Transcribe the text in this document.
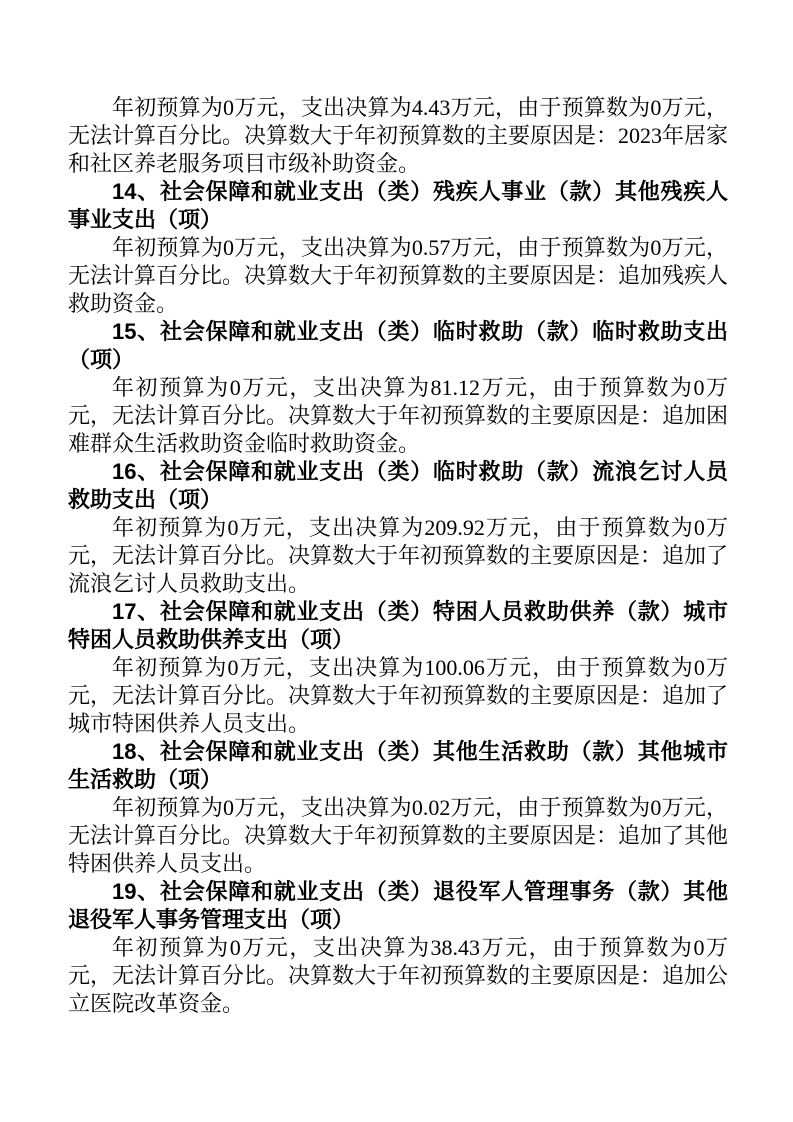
年初预算为0万元，支出决算为4.43万元，由于预算数为0万元，无法计算百分比。决算数大于年初预算数的主要原因是：2023年居家和社区养老服务项目市级补助资金。

14、社会保障和就业支出（类）残疾人事业（款）其他残疾人事业支出（项）

年初预算为0万元，支出决算为0.57万元，由于预算数为0万元，无法计算百分比。决算数大于年初预算数的主要原因是：追加残疾人救助资金。

15、社会保障和就业支出（类）临时救助（款）临时救助支出（项）

年初预算为0万元，支出决算为81.12万元，由于预算数为0万元，无法计算百分比。决算数大于年初预算数的主要原因是：追加困难群众生活救助资金临时救助资金。

16、社会保障和就业支出（类）临时救助（款）流浪乞讨人员救助支出（项）

年初预算为0万元，支出决算为209.92万元，由于预算数为0万元，无法计算百分比。决算数大于年初预算数的主要原因是：追加了流浪乞讨人员救助支出。

17、社会保障和就业支出（类）特困人员救助供养（款）城市特困人员救助供养支出（项）

年初预算为0万元，支出决算为100.06万元，由于预算数为0万元，无法计算百分比。决算数大于年初预算数的主要原因是：追加了城市特困供养人员支出。

18、社会保障和就业支出（类）其他生活救助（款）其他城市生活救助（项）

年初预算为0万元，支出决算为0.02万元，由于预算数为0万元，无法计算百分比。决算数大于年初预算数的主要原因是：追加了其他特困供养人员支出。

19、社会保障和就业支出（类）退役军人管理事务（款）其他退役军人事务管理支出（项）

年初预算为0万元，支出决算为38.43万元，由于预算数为0万元，无法计算百分比。决算数大于年初预算数的主要原因是：追加公立医院改革资金。
